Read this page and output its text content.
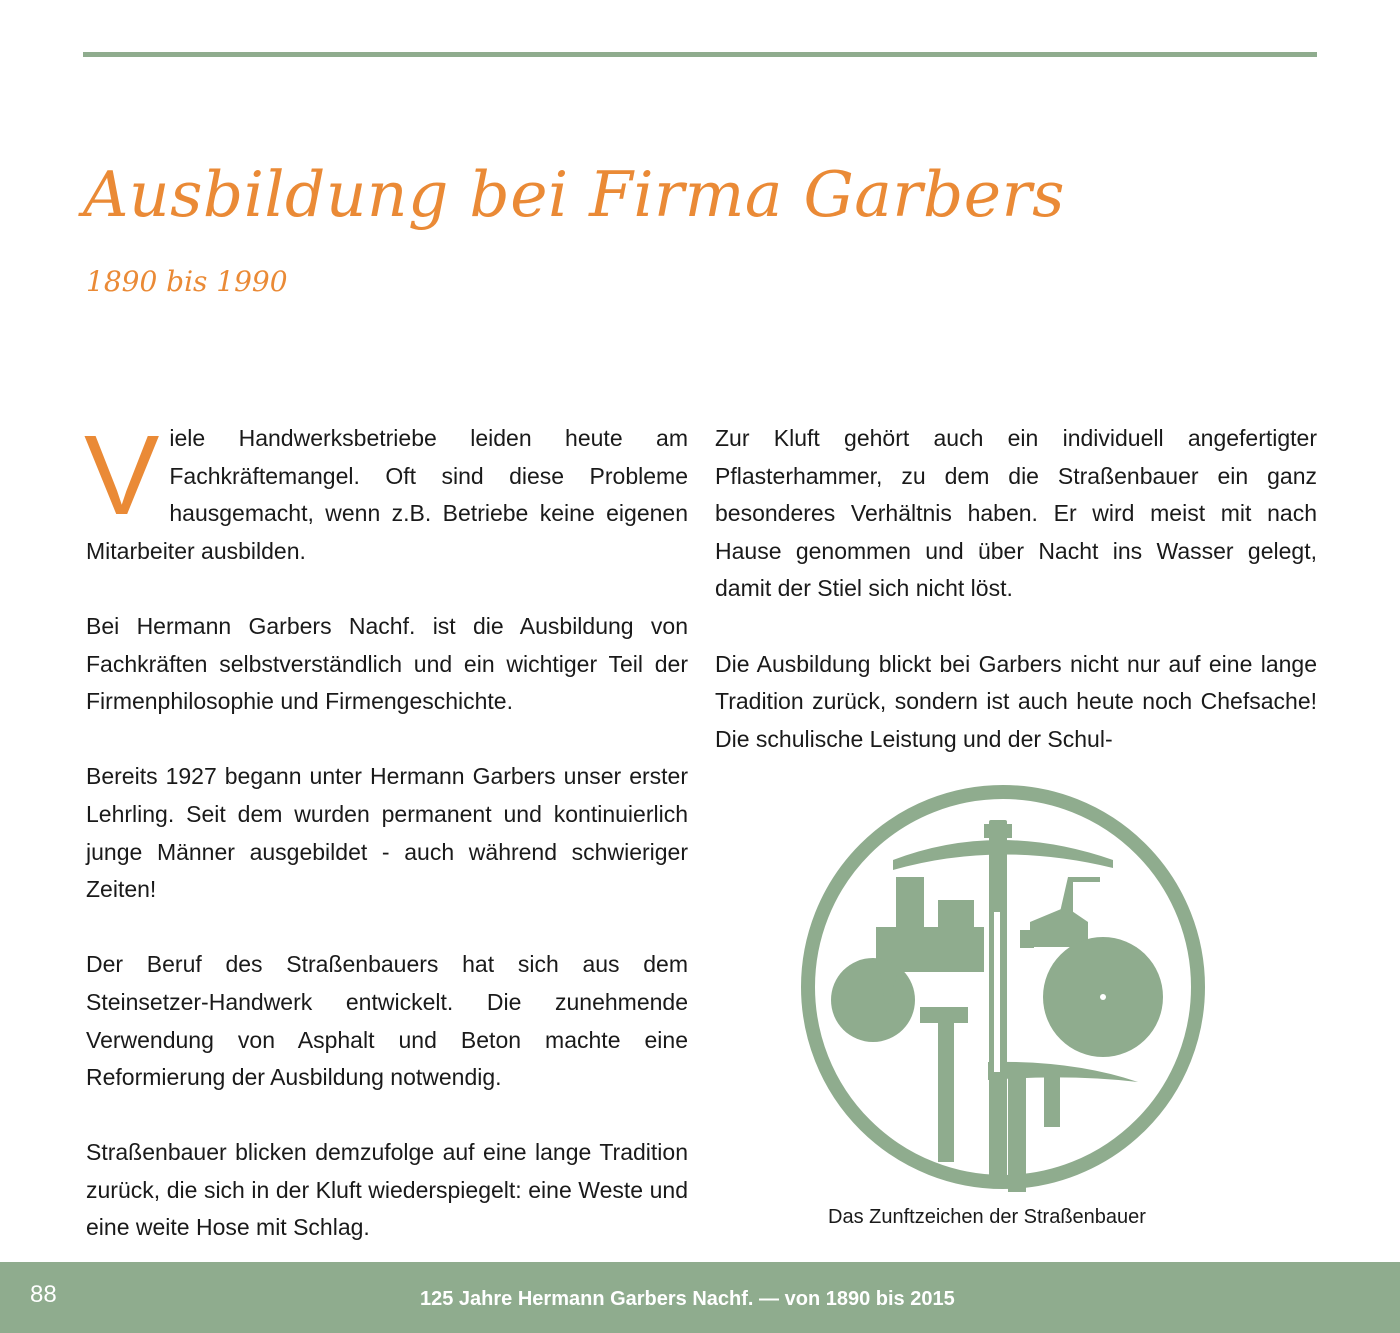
Ausbildung bei Firma Garbers
1890 bis 1990

Viele Handwerksbetriebe leiden heute am Fachkräftemangel. Oft sind diese Probleme hausgemacht, wenn z.B. Betriebe keine eigenen Mitarbeiter ausbilden.

Bei Hermann Garbers Nachf. ist die Ausbildung von Fachkräften selbstverständlich und ein wichtiger Teil der Firmenphilosophie und Firmengeschichte.

Bereits 1927 begann unter Hermann Garbers unser erster Lehrling. Seit dem wurden permanent und kontinuierlich junge Männer ausgebildet - auch während schwieriger Zeiten!

Der Beruf des Straßenbauers hat sich aus dem Steinsetzer-Handwerk entwickelt. Die zunehmende Verwendung von Asphalt und Beton machte eine Reformierung der Ausbildung notwendig.

Straßenbauer blicken demzufolge auf eine lange Tradition zurück, die sich in der Kluft wiederspiegelt: eine Weste und eine weite Hose mit Schlag.

Zur Kluft gehört auch ein individuell angefertigter Pflasterhammer, zu dem die Straßenbauer ein ganz besonderes Verhältnis haben. Er wird meist mit nach Hause genommen und über Nacht ins Wasser gelegt, damit der Stiel sich nicht löst.

Die Ausbildung blickt bei Garbers nicht nur auf eine lange Tradition zurück, sondern ist auch heute noch Chefsache! Die schulische Leistung und der Schul-

Das Zunftzeichen der Straßenbauer
88	125 Jahre Hermann Garbers Nachf. — von 1890 bis 2015
